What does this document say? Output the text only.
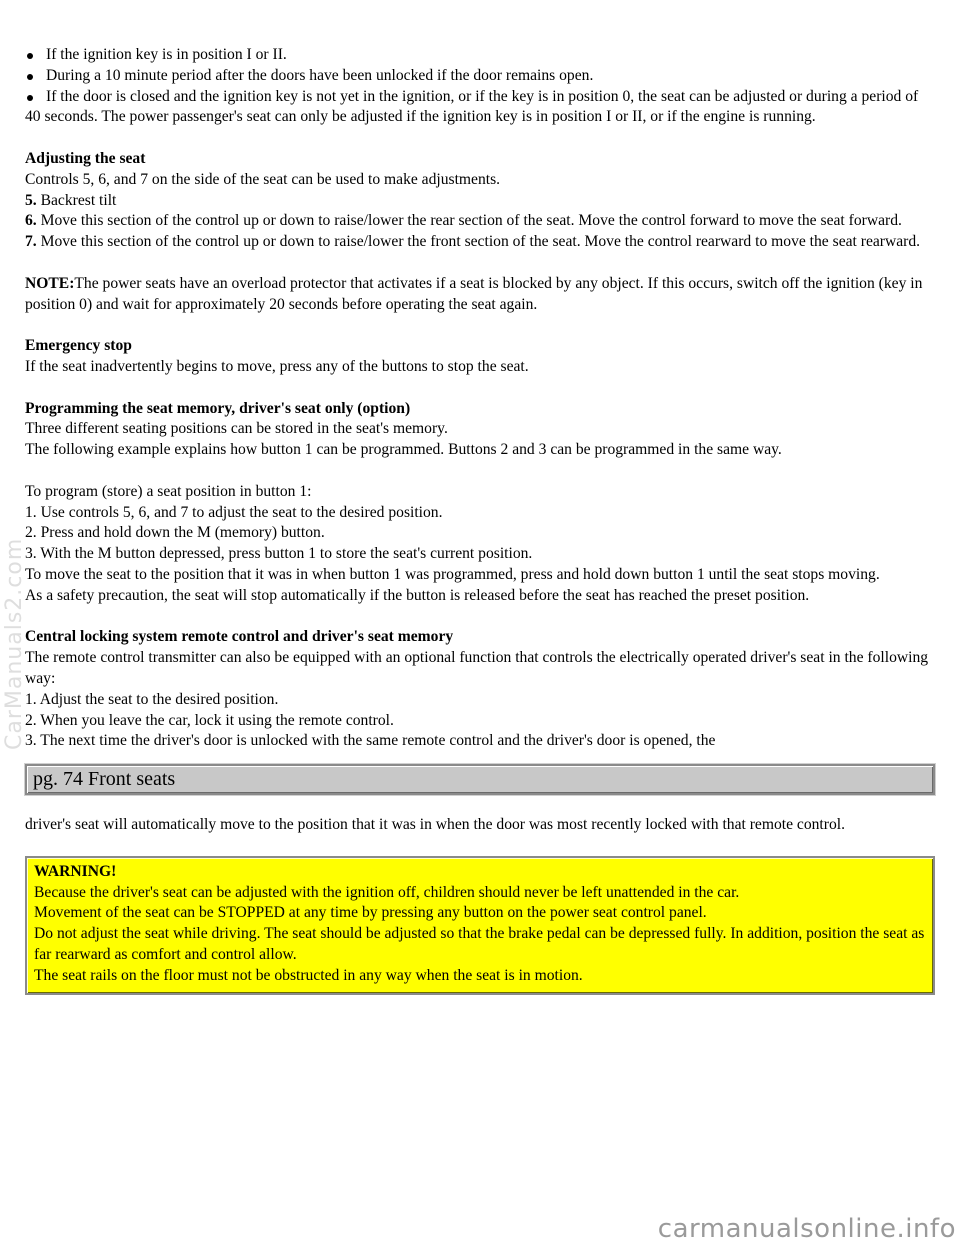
CarManuals2.com
If the ignition key is in position I or II.
During a 10 minute period after the doors have been unlocked if the door remains open.
If the door is closed and the ignition key is not yet in the ignition, or if the key is in position 0, the seat can be adjusted or during a period of 40 seconds. The power passenger's seat can only be adjusted if the ignition key is in position I or II, or if the engine is running.
Adjusting the seat
Controls 5, 6, and 7 on the side of the seat can be used to make adjustments.
5. Backrest tilt
6. Move this section of the control up or down to raise/lower the rear section of the seat. Move the control forward to move the seat forward.
7. Move this section of the control up or down to raise/lower the front section of the seat. Move the control rearward to move the seat rearward.
NOTE:The power seats have an overload protector that activates if a seat is blocked by any object. If this occurs, switch off the ignition (key in position 0) and wait for approximately 20 seconds before operating the seat again.
Emergency stop
If the seat inadvertently begins to move, press any of the buttons to stop the seat.
Programming the seat memory, driver's seat only (option)
Three different seating positions can be stored in the seat's memory.
The following example explains how button 1 can be programmed. Buttons 2 and 3 can be programmed in the same way.
To program (store) a seat position in button 1:
1. Use controls 5, 6, and 7 to adjust the seat to the desired position.
2. Press and hold down the M (memory) button.
3. With the M button depressed, press button 1 to store the seat's current position.
To move the seat to the position that it was in when button 1 was programmed, press and hold down button 1 until the seat stops moving.
As a safety precaution, the seat will stop automatically if the button is released before the seat has reached the preset position.
Central locking system remote control and driver's seat memory
The remote control transmitter can also be equipped with an optional function that controls the electrically operated driver's seat in the following way:
1. Adjust the seat to the desired position.
2. When you leave the car, lock it using the remote control.
3. The next time the driver's door is unlocked with the same remote control and the driver's door is opened, the
pg. 74 Front seats
driver's seat will automatically move to the position that it was in when the door was most recently locked with that remote control.
WARNING!
Because the driver's seat can be adjusted with the ignition off, children should never be left unattended in the car.
Movement of the seat can be STOPPED at any time by pressing any button on the power seat control panel.
Do not adjust the seat while driving. The seat should be adjusted so that the brake pedal can be depressed fully. In addition, position the seat as far rearward as comfort and control allow.
The seat rails on the floor must not be obstructed in any way when the seat is in motion.
carmanualsonline.info
